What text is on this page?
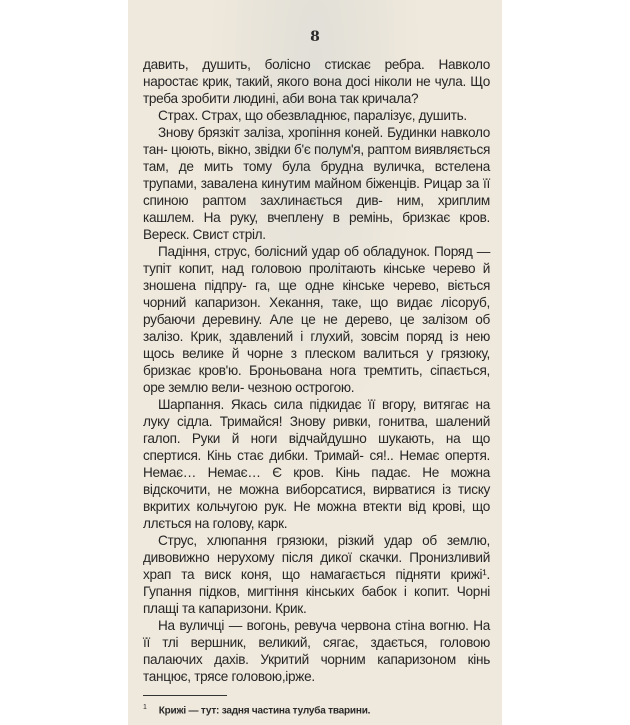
8

давить, душить, болісно стискає ребра. Навколо наростає крик, такий, якого вона досі ніколи не чула. Що треба зробити людині, аби вона так кричала?

Страх. Страх, що обезвладнює, паралізує, душить.

Знову брязкіт заліза, хропіння коней. Будинки навколо тан- цюють, вікно, звідки б'є полум'я, раптом виявляється там, де мить тому була брудна вуличка, встелена трупами, завалена кинутим майном біженців. Рицар за її спиною раптом захлинається див- ним, хриплим кашлем. На руку, вчеплену в ремінь, бризкає кров. Вереск. Свист стріл.

Падіння, струс, болісний удар об обладунок. Поряд — тупіт копит, над головою пролітають кінське черево й зношена підпру- га, ще одне кінське черево, віється чорний капаризон. Хекання, таке, що видає лісоруб, рубаючи деревину. Але це не дерево, це залізом об залізо. Крик, здавлений і глухий, зовсім поряд із нею щось велике й чорне з плеском валиться у грязюку, бризкає кров'ю. Броньована нога тремтить, сіпається, оре землю вели- чезною острогою.

Шарпання. Якась сила підкидає її вгору, витягає на луку сідла. Тримайся! Знову ривки, гонитва, шалений галоп. Руки й ноги відчайдушно шукають, на що спертися. Кінь стає дибки. Тримай- ся!.. Немає опертя. Немає… Немає… Є кров. Кінь падає. Не можна відскочити, не можна виборсатися, вирватися із тиску вкритих кольчугою рук. Не можна втекти від крові, що ллється на голову, карк.

Струс, хлюпання грязюки, різкий удар об землю, дивовижно нерухому після дикої скачки. Пронизливий храп та виск коня, що намагається підняти крижі¹. Гупання підков, мигтіння кінських бабок і копит. Чорні плащі та капаризони. Крик.

На вуличці — вогонь, ревуча червона стіна вогню. На її тлі вершник, великий, сягає, здається, головою палаючих дахів. Укритий чорним капаризоном кінь танцює, трясе головою,ірже.

$^1$ Крижі — тут: задня частина тулуба тварини.
